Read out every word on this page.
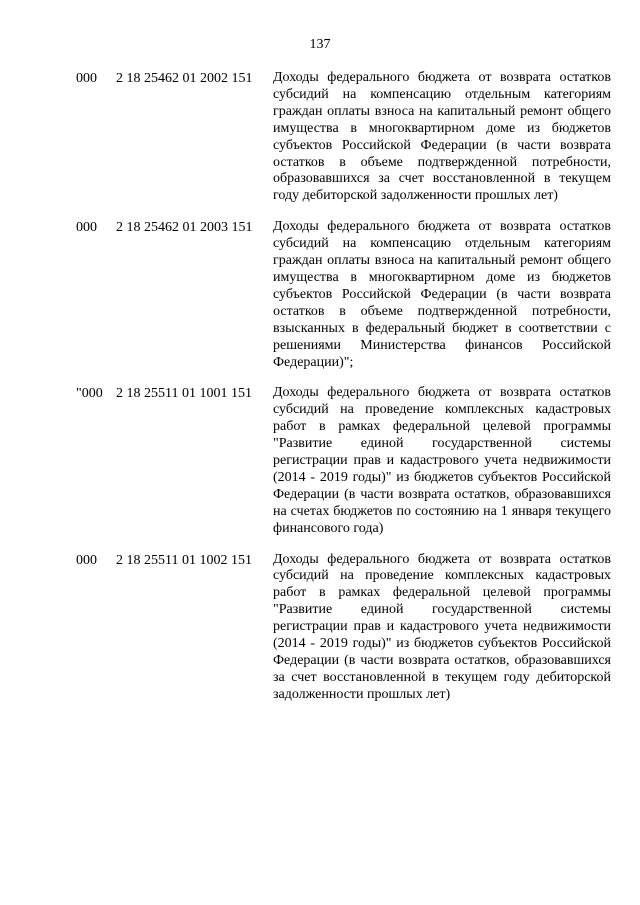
137
000 2 18 25462 01 2002 151 Доходы федерального бюджета от возврата остатков субсидий на компенсацию отдельным категориям граждан оплаты взноса на капитальный ремонт общего имущества в многоквартирном доме из бюджетов субъектов Российской Федерации (в части возврата остатков в объеме подтвержденной потребности, образовавшихся за счет восстановленной в текущем году дебиторской задолженности прошлых лет)
000 2 18 25462 01 2003 151 Доходы федерального бюджета от возврата остатков субсидий на компенсацию отдельным категориям граждан оплаты взноса на капитальный ремонт общего имущества в многоквартирном доме из бюджетов субъектов Российской Федерации (в части возврата остатков в объеме подтвержденной потребности, взысканных в федеральный бюджет в соответствии с решениями Министерства финансов Российской Федерации)";
"000 2 18 25511 01 1001 151 Доходы федерального бюджета от возврата остатков субсидий на проведение комплексных кадастровых работ в рамках федеральной целевой программы "Развитие единой государственной системы регистрации прав и кадастрового учета недвижимости (2014 - 2019 годы)" из бюджетов субъектов Российской Федерации (в части возврата остатков, образовавшихся на счетах бюджетов по состоянию на 1 января текущего финансового года)
000 2 18 25511 01 1002 151 Доходы федерального бюджета от возврата остатков субсидий на проведение комплексных кадастровых работ в рамках федеральной целевой программы "Развитие единой государственной системы регистрации прав и кадастрового учета недвижимости (2014 - 2019 годы)" из бюджетов субъектов Российской Федерации (в части возврата остатков, образовавшихся за счет восстановленной в текущем году дебиторской задолженности прошлых лет)
